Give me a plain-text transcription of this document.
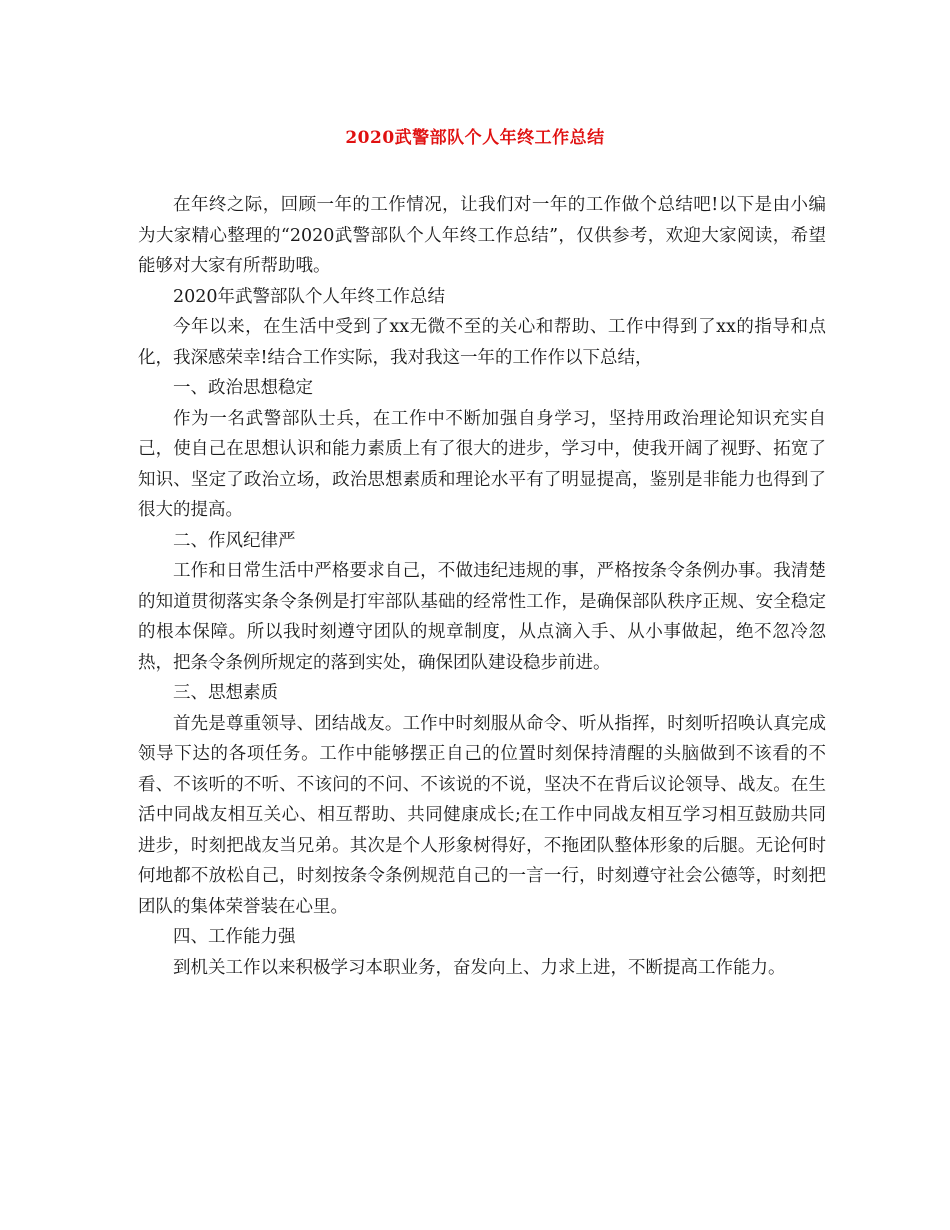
2020武警部队个人年终工作总结

在年终之际，回顾一年的工作情况，让我们对一年的工作做个总结吧!以下是由小编为大家精心整理的“2020武警部队个人年终工作总结”，仅供参考，欢迎大家阅读，希望能够对大家有所帮助哦。

2020年武警部队个人年终工作总结

今年以来，在生活中受到了xx无微不至的关心和帮助、工作中得到了xx的指导和点化，我深感荣幸!结合工作实际，我对我这一年的工作作以下总结，

一、政治思想稳定

作为一名武警部队士兵，在工作中不断加强自身学习，坚持用政治理论知识充实自己，使自己在思想认识和能力素质上有了很大的进步，学习中，使我开阔了视野、拓宽了知识、坚定了政治立场，政治思想素质和理论水平有了明显提高，鉴别是非能力也得到了很大的提高。

二、作风纪律严

工作和日常生活中严格要求自己，不做违纪违规的事，严格按条令条例办事。我清楚的知道贯彻落实条令条例是打牢部队基础的经常性工作，是确保部队秩序正规、安全稳定的根本保障。所以我时刻遵守团队的规章制度，从点滴入手、从小事做起，绝不忽冷忽热，把条令条例所规定的落到实处，确保团队建设稳步前进。

三、思想素质

首先是尊重领导、团结战友。工作中时刻服从命令、听从指挥，时刻听招唤认真完成领导下达的各项任务。工作中能够摆正自己的位置时刻保持清醒的头脑做到不该看的不看、不该听的不听、不该问的不问、不该说的不说，坚决不在背后议论领导、战友。在生活中同战友相互关心、相互帮助、共同健康成长;在工作中同战友相互学习相互鼓励共同进步，时刻把战友当兄弟。其次是个人形象树得好，不拖团队整体形象的后腿。无论何时何地都不放松自己，时刻按条令条例规范自己的一言一行，时刻遵守社会公德等，时刻把团队的集体荣誉装在心里。

四、工作能力强

到机关工作以来积极学习本职业务，奋发向上、力求上进，不断提高工作能力。
